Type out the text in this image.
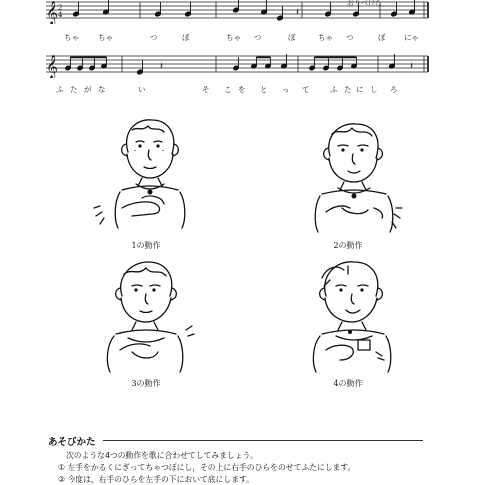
𝄞 2
4	𝄽
おりべけた
ちゃ	ちゃ	つ	ぼ	ちゃ つ	ぼ	ちゃ つ	ぼ にゃ
𝄞	𝄽	𝄽
ふ た が な	い	そ こ を と っ て	ふ た に し ろ
1の動作	2の動作
3の動作	4の動作
あそびかた
次のような4つの動作を歌に合わせてしてみましょう。
① 左手をかるくにぎってちゃつぼにし，その上に右手のひらをのせてふたにします。
② 今度は，右手のひらを左手の下において底にします。
